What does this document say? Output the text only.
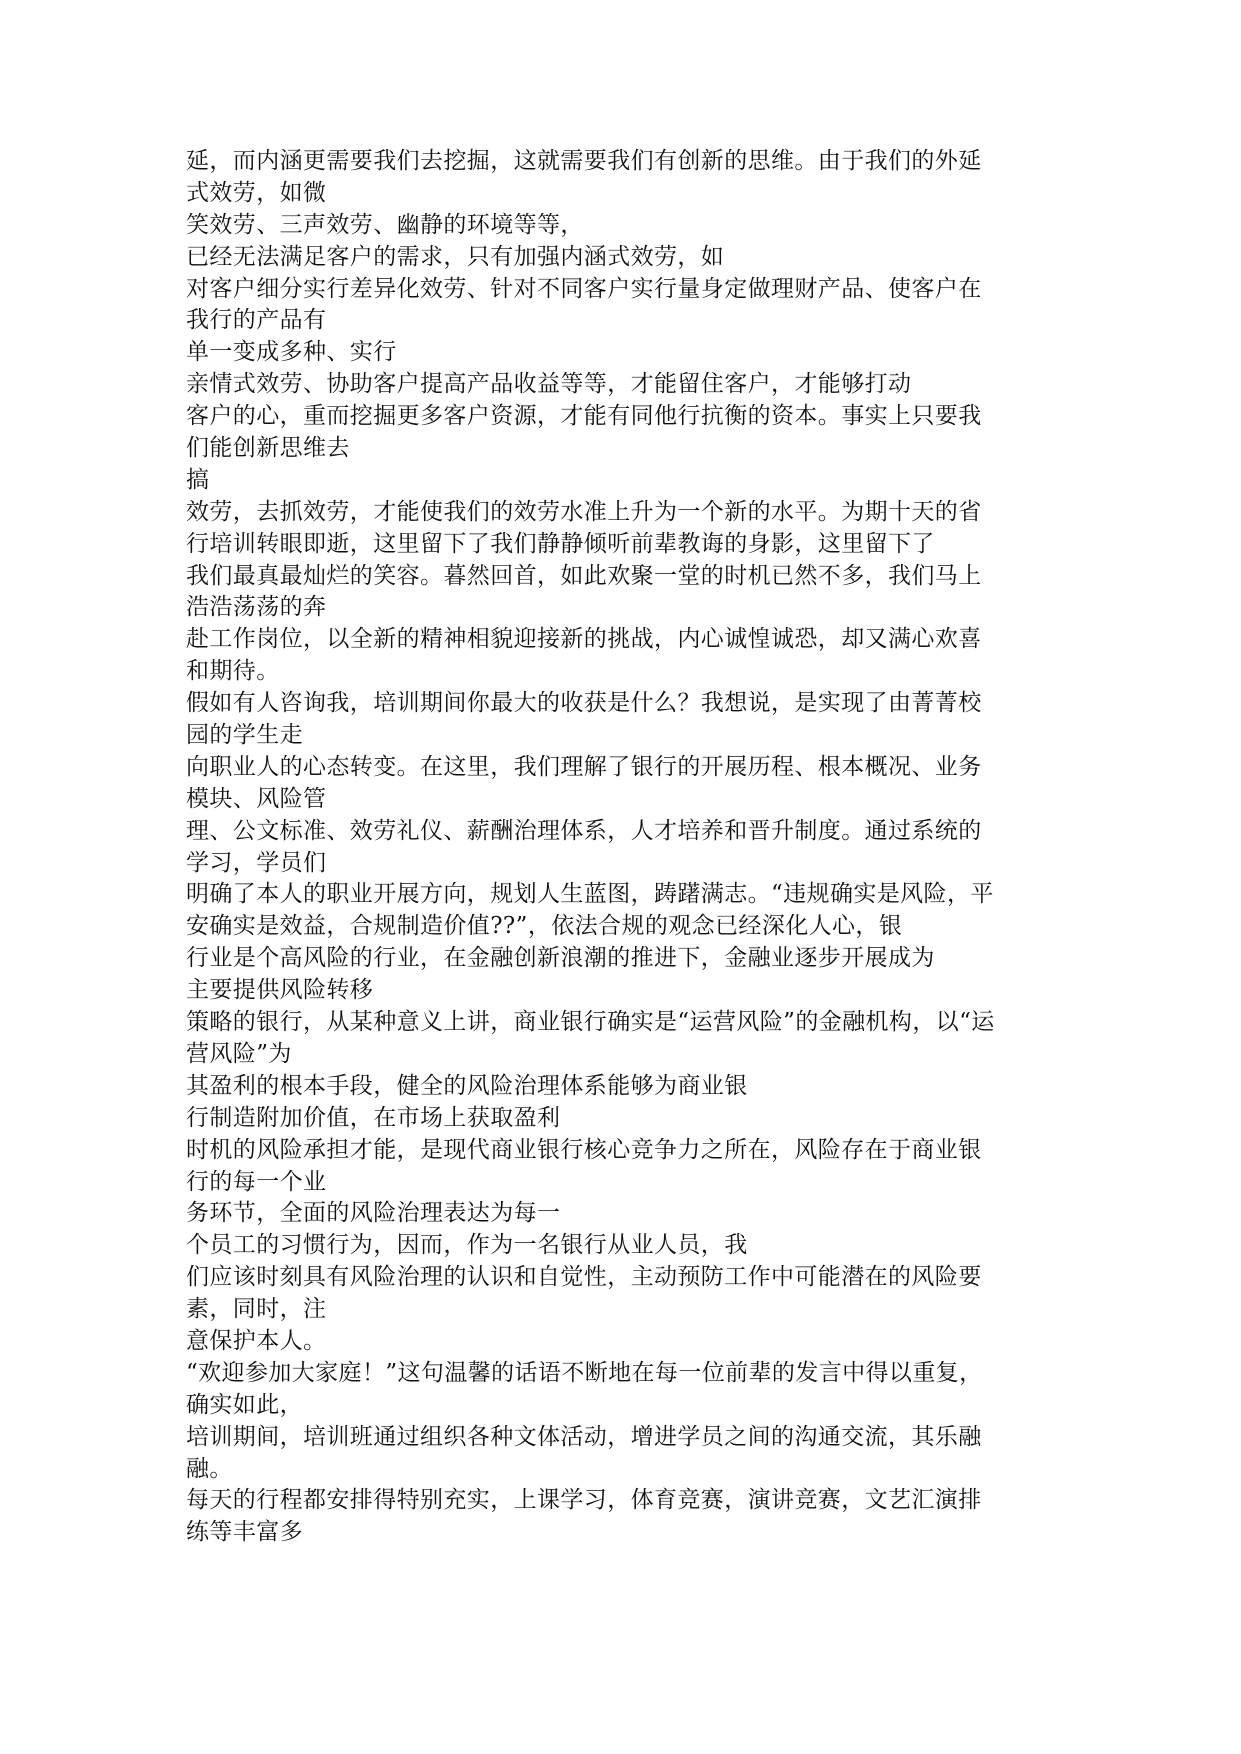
延，而内涵更需要我们去挖掘，这就需要我们有创新的思维。由于我们的外延
式效劳，如微
笑效劳、三声效劳、幽静的环境等等，
已经无法满足客户的需求，只有加强内涵式效劳，如
对客户细分实行差异化效劳、针对不同客户实行量身定做理财产品、使客户在
我行的产品有
单一变成多种、实行
亲情式效劳、协助客户提高产品收益等等，才能留住客户，才能够打动
客户的心，重而挖掘更多客户资源，才能有同他行抗衡的资本。事实上只要我
们能创新思维去
搞
效劳，去抓效劳，才能使我们的效劳水准上升为一个新的水平。为期十天的省
行培训转眼即逝，这里留下了我们静静倾听前辈教诲的身影，这里留下了
我们最真最灿烂的笑容。暮然回首，如此欢聚一堂的时机已然不多，我们马上
浩浩荡荡的奔
赴工作岗位，以全新的精神相貌迎接新的挑战，内心诚惶诚恐，却又满心欢喜
和期待。
假如有人咨询我，培训期间你最大的收获是什么？我想说，是实现了由菁菁校
园的学生走
向职业人的心态转变。在这里，我们理解了银行的开展历程、根本概况、业务
模块、风险管
理、公文标准、效劳礼仪、薪酬治理体系，人才培养和晋升制度。通过系统的
学习，学员们
明确了本人的职业开展方向，规划人生蓝图，踌躇满志。“违规确实是风险，平
安确实是效益，合规制造价值??”，依法合规的观念已经深化人心，银
行业是个高风险的行业，在金融创新浪潮的推进下，金融业逐步开展成为
主要提供风险转移
策略的银行，从某种意义上讲，商业银行确实是“运营风险”的金融机构，以“运
营风险”为
其盈利的根本手段，健全的风险治理体系能够为商业银
行制造附加价值，在市场上获取盈利
时机的风险承担才能，是现代商业银行核心竞争力之所在，风险存在于商业银
行的每一个业
务环节，全面的风险治理表达为每一
个员工的习惯行为，因而，作为一名银行从业人员，我
们应该时刻具有风险治理的认识和自觉性，主动预防工作中可能潜在的风险要
素，同时，注
意保护本人。
“欢迎参加大家庭！”这句温馨的话语不断地在每一位前辈的发言中得以重复，
确实如此，
培训期间，培训班通过组织各种文体活动，增进学员之间的沟通交流，其乐融
融。
每天的行程都安排得特别充实，上课学习，体育竞赛，演讲竞赛，文艺汇演排
练等丰富多
